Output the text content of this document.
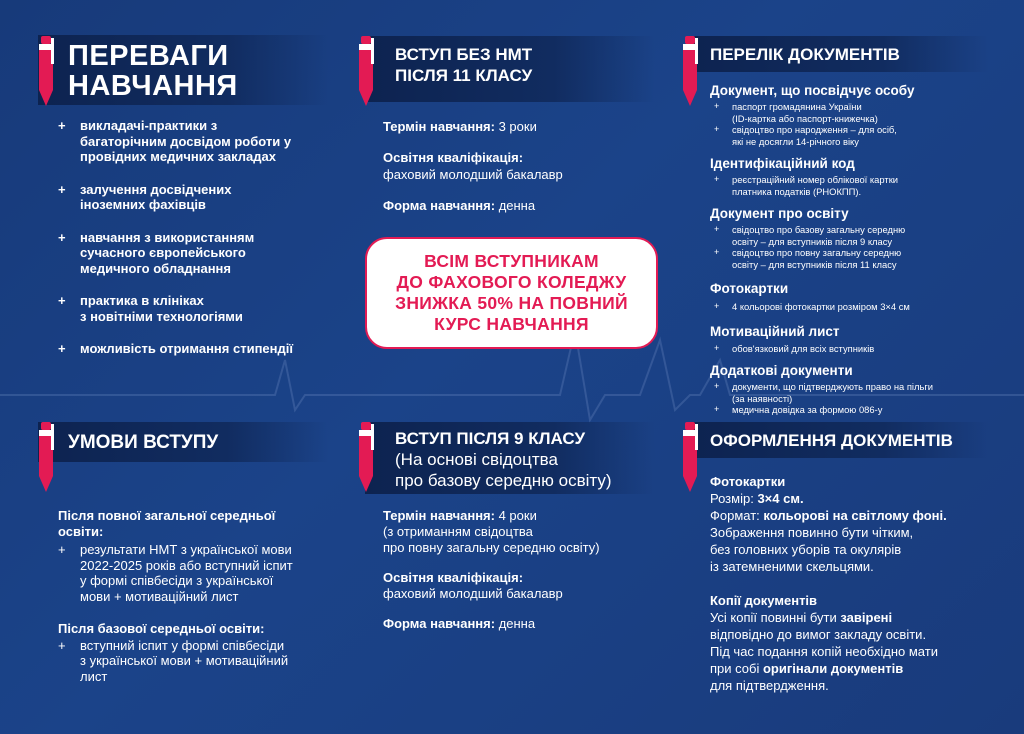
ПЕРЕВАГИ
НАВЧАННЯ
+ викладачі-практики з
багаторічним досвідом роботи у
провідних медичних закладах
+ залучення досвідчених
іноземних фахівців
+ навчання з використанням
сучасного європейського
медичного обладнання
+ практика в клініках
з новітніми технологіями
+ можливість отримання стипендії
ВСТУП БЕЗ НМТ
ПІСЛЯ 11 КЛАСУ
Термін навчання: 3 роки
Освітня кваліфікація:
фаховий молодший бакалавр
Форма навчання: денна
ВСІМ ВСТУПНИКАМ
ДО ФАХОВОГО КОЛЕДЖУ
ЗНИЖКА 50% НА ПОВНИЙ
КУРС НАВЧАННЯ
ПЕРЕЛІК ДОКУМЕНТІВ
Документ, що посвідчує особу
+ паспорт громадянина України
(ID-картка або паспорт-книжечка)
+ свідоцтво про народження – для осіб,
які не досягли 14-річного віку
Ідентифікаційний код
+ реєстраційний номер облікової картки
платника податків (РНОКПП).
Документ про освіту
+ свідоцтво про базову загальну середню
освіту – для вступників після 9 класу
+ свідоцтво про повну загальну середню
освіту – для вступників після 11 класу
Фотокартки
+ 4 кольорові фотокартки розміром 3×4 см
Мотиваційний лист
+ обов'язковий для всіх вступників
Додаткові документи
+ документи, що підтверджують право на пільги
(за наявності)
+ медична довідка за формою 086-у
УМОВИ ВСТУПУ
Після повної загальної середньої
освіти:
+ результати НМТ з української мови
2022-2025 років або вступний іспит
у формі співбесіди з української
мови + мотиваційний лист
Після базової середньої освіти:
+ вступний іспит у формі співбесіди
з української мови + мотиваційний
лист
ВСТУП ПІСЛЯ 9 КЛАСУ
(На основі свідоцтва
про базову середню освіту)
Термін навчання: 4 роки
(з отриманням свідоцтва
про повну загальну середню освіту)
Освітня кваліфікація:
фаховий молодший бакалавр
Форма навчання: денна
ОФОРМЛЕННЯ ДОКУМЕНТІВ
Фотокартки
Розмір: 3×4 см.
Формат: кольорові на світлому фоні.
Зображення повинно бути чітким,
без головних уборів та окулярів
із затемненими скельцями.
Копії документів
Усі копії повинні бути завірені
відповідно до вимог закладу освіти.
Під час подання копій необхідно мати
при собі оригінали документів
для підтвердження.
